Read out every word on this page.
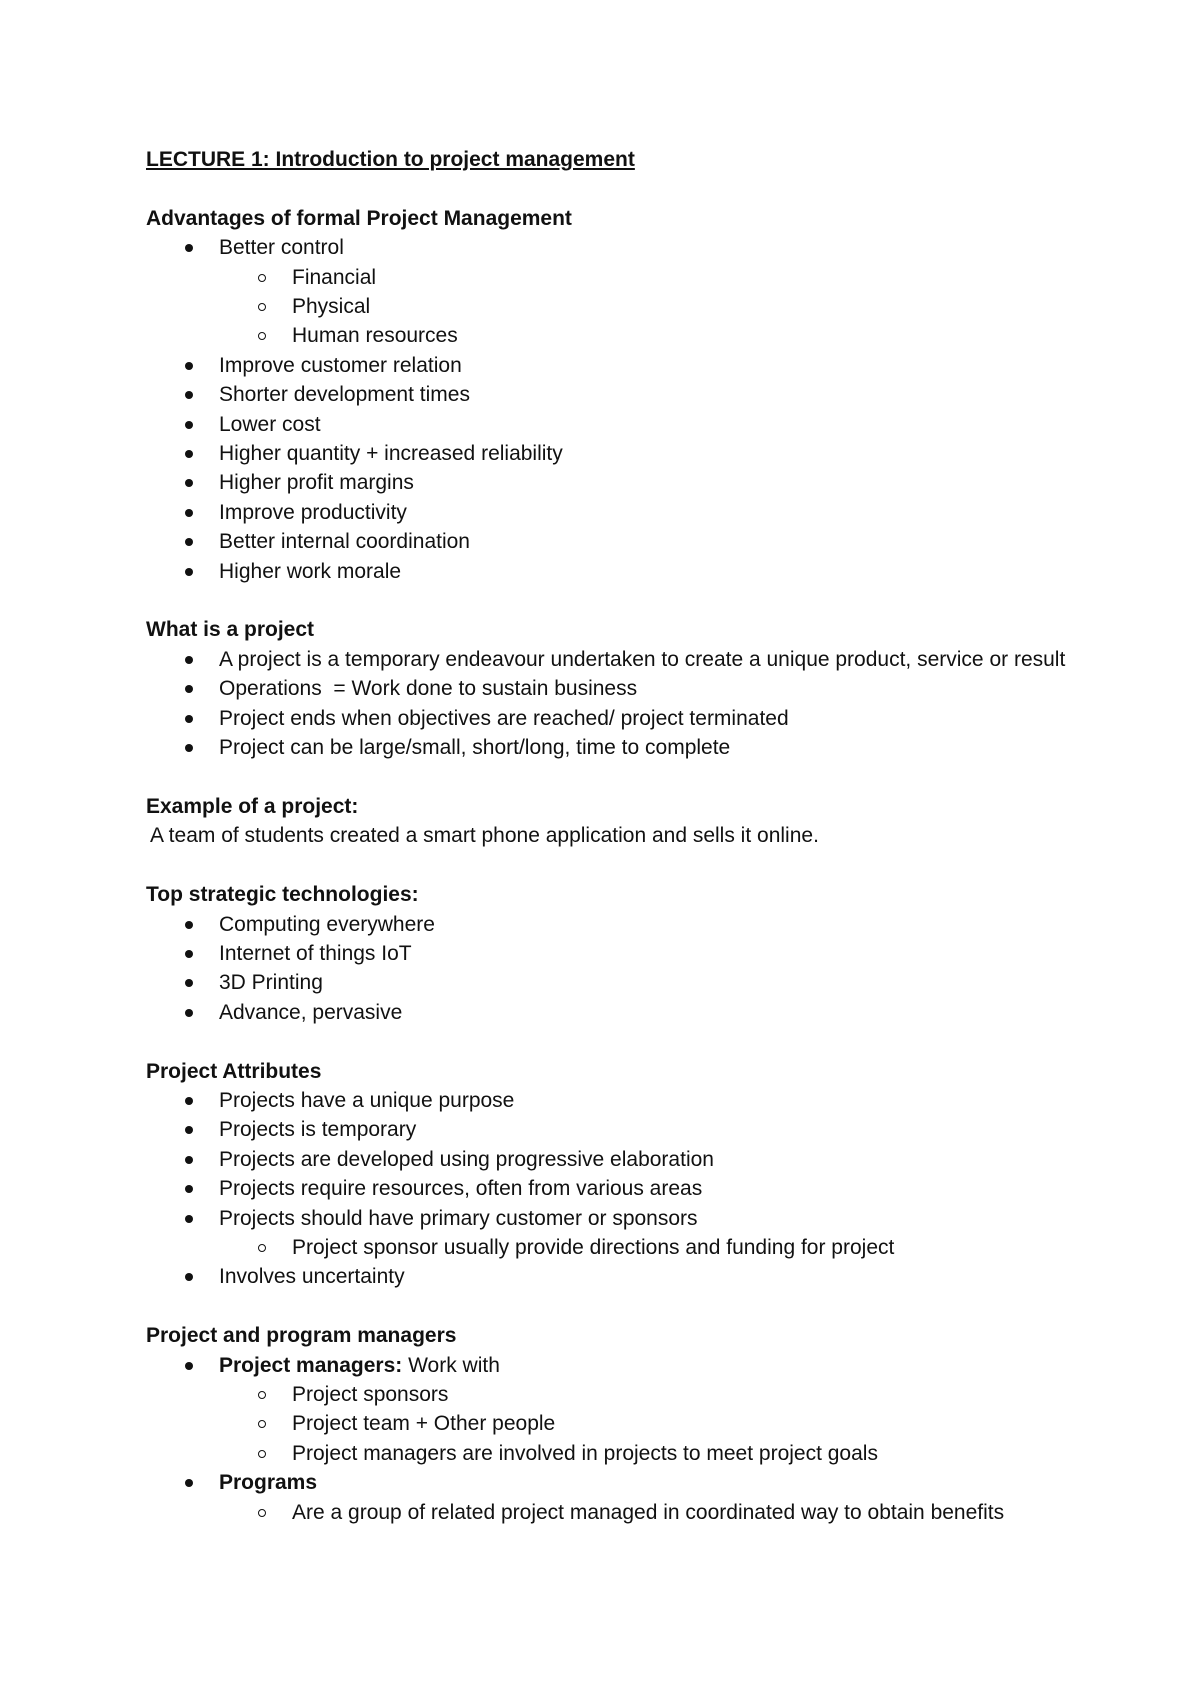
LECTURE 1: Introduction to project management
Advantages of formal Project Management
Better control
Financial
Physical
Human resources
Improve customer relation
Shorter development times
Lower cost
Higher quantity + increased reliability
Higher profit margins
Improve productivity
Better internal coordination
Higher work morale
What is a project
A project is a temporary endeavour undertaken to create a unique product, service or result
Operations  = Work done to sustain business
Project ends when objectives are reached/ project terminated
Project can be large/small, short/long, time to complete
Example of a project:

A team of students created a smart phone application and sells it online.

Top strategic technologies:
Computing everywhere
Internet of things IoT
3D Printing
Advance, pervasive
Project Attributes
Projects have a unique purpose
Projects is temporary
Projects are developed using progressive elaboration
Projects require resources, often from various areas
Projects should have primary customer or sponsors
Project sponsor usually provide directions and funding for project
Involves uncertainty
Project and program managers
Project managers: Work with
Project sponsors
Project team + Other people
Project managers are involved in projects to meet project goals
Programs
Are a group of related project managed in coordinated way to obtain benefits
